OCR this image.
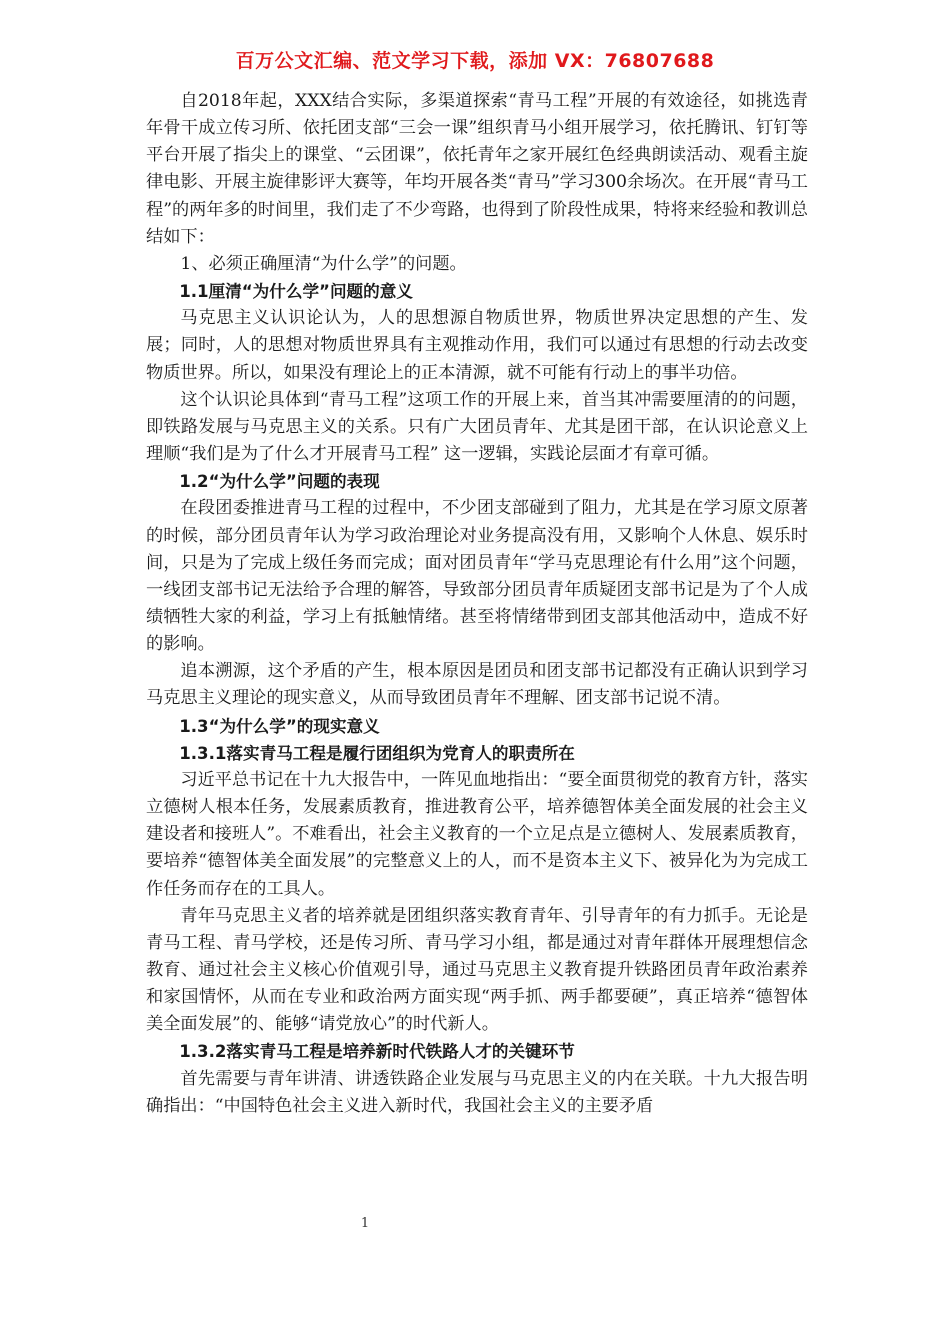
百万公文汇编、范文学习下载，添加 VX：76807688

自2018年起，XXX结合实际，多渠道探索“青马工程”开展的有效途径，如挑选青年骨干成立传习所、依托团支部“三会一课”组织青马小组开展学习，依托腾讯、钉钉等平台开展了指尖上的课堂、“云团课”，依托青年之家开展红色经典朗读活动、观看主旋律电影、开展主旋律影评大赛等，年均开展各类“青马”学习300余场次。在开展“青马工程”的两年多的时间里，我们走了不少弯路，也得到了阶段性成果，特将来经验和教训总结如下：

1、必须正确厘清“为什么学”的问题。

1.1厘清“为什么学”问题的意义

马克思主义认识论认为，人的思想源自物质世界，物质世界决定思想的产生、发展；同时，人的思想对物质世界具有主观推动作用，我们可以通过有思想的行动去改变物质世界。所以，如果没有理论上的正本清源，就不可能有行动上的事半功倍。

这个认识论具体到“青马工程”这项工作的开展上来，首当其冲需要厘清的的问题，即铁路发展与马克思主义的关系。只有广大团员青年、尤其是团干部，在认识论意义上理顺“我们是为了什么才开展青马工程” 这一逻辑，实践论层面才有章可循。

1.2“为什么学”问题的表现

在段团委推进青马工程的过程中，不少团支部碰到了阻力，尤其是在学习原文原著的时候，部分团员青年认为学习政治理论对业务提高没有用，又影响个人休息、娱乐时间，只是为了完成上级任务而完成；面对团员青年“学马克思理论有什么用”这个问题，一线团支部书记无法给予合理的解答，导致部分团员青年质疑团支部书记是为了个人成绩牺牲大家的利益，学习上有抵触情绪。甚至将情绪带到团支部其他活动中，造成不好的影响。

追本溯源，这个矛盾的产生，根本原因是团员和团支部书记都没有正确认识到学习马克思主义理论的现实意义，从而导致团员青年不理解、团支部书记说不清。

1.3“为什么学”的现实意义

1.3.1落实青马工程是履行团组织为党育人的职责所在

习近平总书记在十九大报告中，一阵见血地指出：“要全面贯彻党的教育方针，落实立德树人根本任务，发展素质教育，推进教育公平，培养德智体美全面发展的社会主义建设者和接班人”。不难看出，社会主义教育的一个立足点是立德树人、发展素质教育，要培养“德智体美全面发展”的完整意义上的人，而不是资本主义下、被异化为为完成工作任务而存在的工具人。

青年马克思主义者的培养就是团组织落实教育青年、引导青年的有力抓手。无论是青马工程、青马学校，还是传习所、青马学习小组，都是通过对青年群体开展理想信念教育、通过社会主义核心价值观引导，通过马克思主义教育提升铁路团员青年政治素养和家国情怀，从而在专业和政治两方面实现“两手抓、两手都要硬”，真正培养“德智体美全面发展”的、能够“请党放心”的时代新人。

1.3.2落实青马工程是培养新时代铁路人才的关键环节

首先需要与青年讲清、讲透铁路企业发展与马克思主义的内在关联。十九大报告明确指出：“中国特色社会主义进入新时代，我国社会主义的主要矛盾

1
